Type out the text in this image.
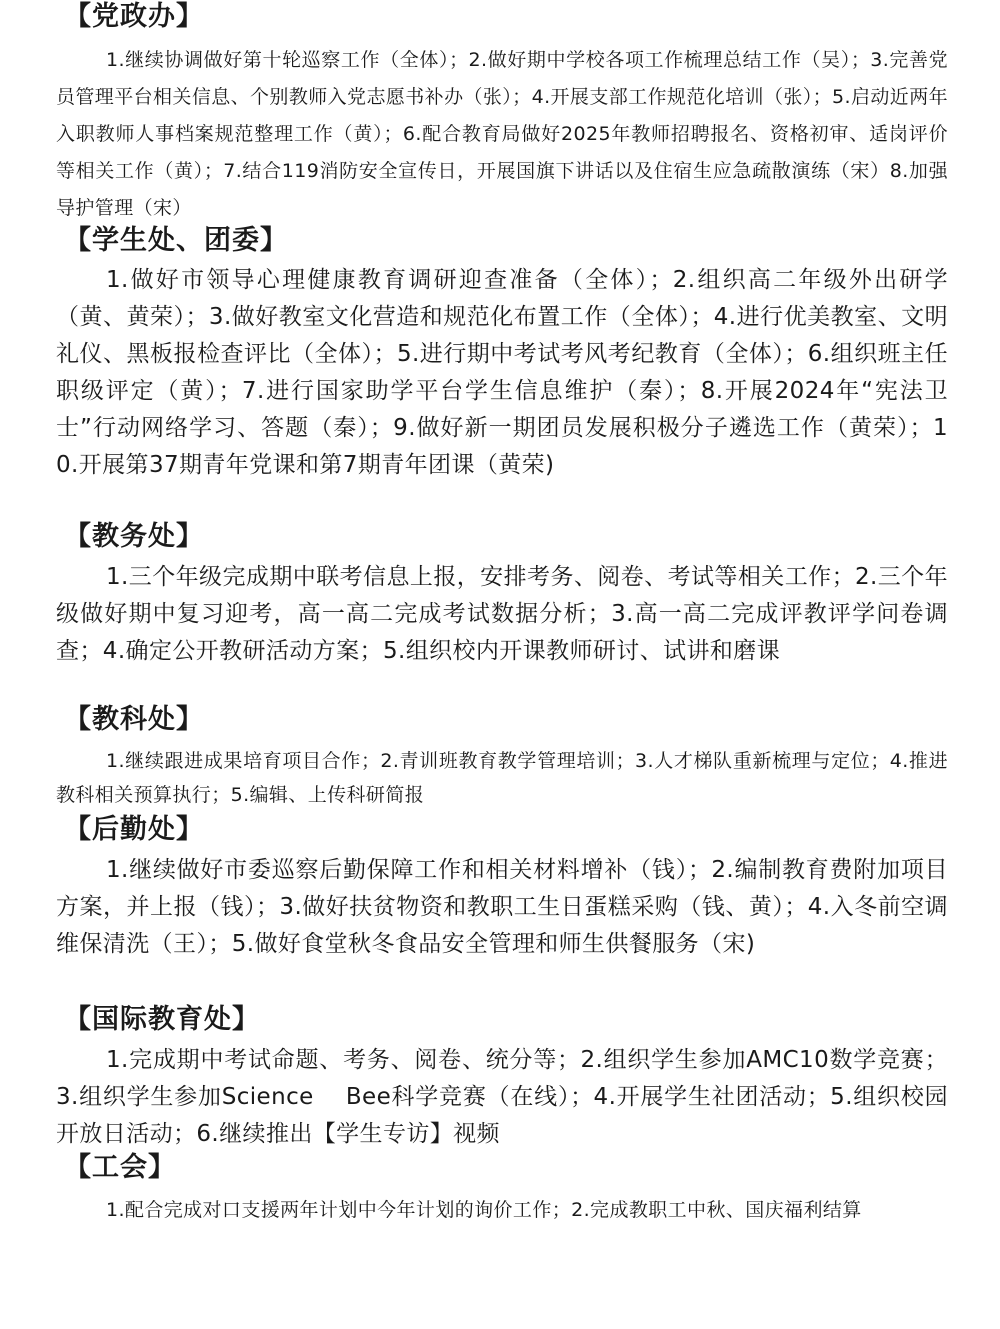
【党政办】

1.继续协调做好第十轮巡察工作（全体）；2.做好期中学校各项工作梳理总结工作（吴）；3.完善党员管理平台相关信息、个别教师入党志愿书补办（张）；4.开展支部工作规范化培训（张）；5.启动近两年入职教师人事档案规范整理工作（黄）；6.配合教育局做好2025年教师招聘报名、资格初审、适岗评价等相关工作（黄）；7.结合119消防安全宣传日，开展国旗下讲话以及住宿生应急疏散演练（宋）8.加强导护管理（宋）

【学生处、团委】

1.做好市领导心理健康教育调研迎查准备（全体）；2.组织高二年级外出研学（黄、黄荣）；3.做好教室文化营造和规范化布置工作（全体）；4.进行优美教室、文明礼仪、黑板报检查评比（全体）；5.进行期中考试考风考纪教育（全体）；6.组织班主任职级评定（黄）；7.进行国家助学平台学生信息维护（秦）；8.开展2024年“宪法卫士”行动网络学习、答题（秦）；9.做好新一期团员发展积极分子遴选工作（黄荣）；10.开展第37期青年党课和第7期青年团课（黄荣)

【教务处】

1.三个年级完成期中联考信息上报，安排考务、阅卷、考试等相关工作；2.三个年级做好期中复习迎考，高一高二完成考试数据分析；3.高一高二完成评教评学问卷调查；4.确定公开教研活动方案；5.组织校内开课教师研讨、试讲和磨课

【教科处】

1.继续跟进成果培育项目合作；2.青训班教育教学管理培训；3.人才梯队重新梳理与定位；4.推进教科相关预算执行；5.编辑、上传科研简报

【后勤处】

1.继续做好市委巡察后勤保障工作和相关材料增补（钱）；2.编制教育费附加项目方案，并上报（钱）；3.做好扶贫物资和教职工生日蛋糕采购（钱、黄）；4.入冬前空调维保清洗（王）；5.做好食堂秋冬食品安全管理和师生供餐服务（宋)

【国际教育处】

1.完成期中考试命题、考务、阅卷、统分等；2.组织学生参加AMC10数学竞赛；3.组织学生参加Science　 Bee科学竞赛（在线）；4.开展学生社团活动；5.组织校园开放日活动；6.继续推出【学生专访】视频

【工会】

1.配合完成对口支援两年计划中今年计划的询价工作；2.完成教职工中秋、国庆福利结算
